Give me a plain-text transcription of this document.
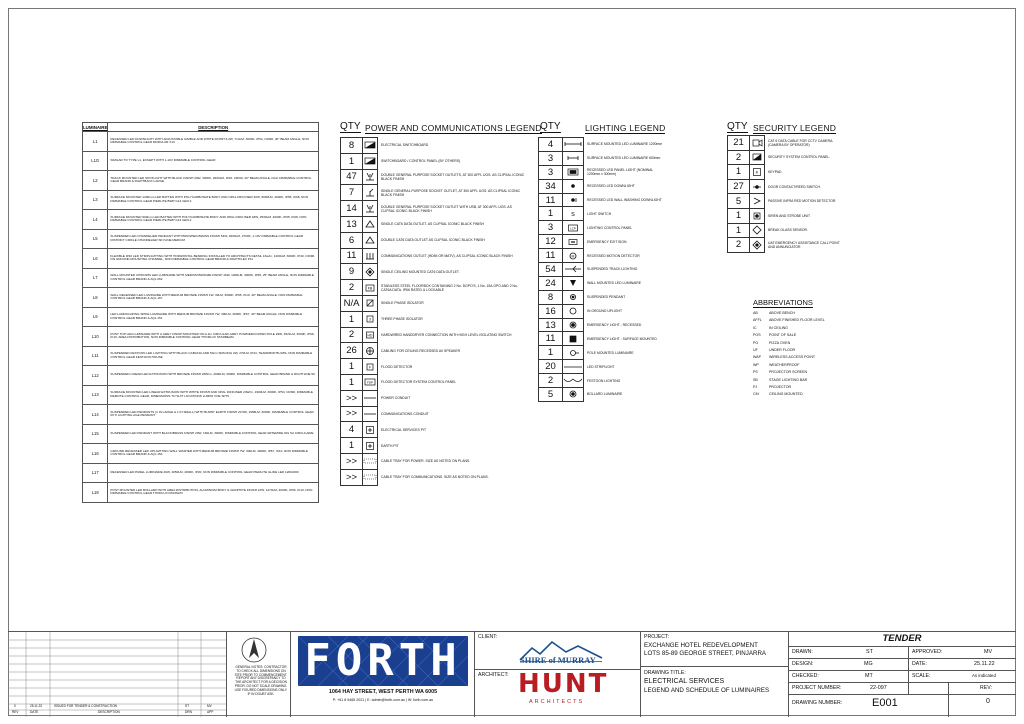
LUMINAIRE	DESCRIPTION
L1	RECESSED LED DOWNLIGHT WITH ADJUSTABLE GIMBLE AND WHITE FINISH 5.2W, 714LM, 3000K, IP54, CRI90, 40° BEAM ANGLE, NON DIMMABLE CONTROL GEAR MODULAR X13
L1G	SIMILAR TO TYPE L1, EXCEPT WITH 1-10V DIMMABLE CONTROL GEAR
L2	TRACK MOUNTED LED SPOTLIGHT WITH BLACK FINISH 20W, 3000K, 2600LM, IP20, CRI90, 40° BEAM ANGLE, DALI DIMMABLE CONTROL GEAR BRAND & RIGHTBACK LARGE
L3	SURFACE MOUNTED 1200mm LED BATTEN WITH POLYCARBONATE BODY AND OPAL DIFFUSER 40W, 5000LM, 4000K, IP65, IK08, NON DIMMABLE CONTROL GEAR PIERLITE BWP G13 GEN 2
L4	SURFACE MOUNTED 600mm LED BATTEN WITH POLYCARBONATE BODY AND OPAL DIFFUSER 18W, 2530LM, 4000K, IP65, IK08, NON DIMMABLE CONTROL GEAR PIERLITE BWP G13 GEN 2
L5	SUSPENDED LED CHANDELIER PENDANT WITH BRUSHED BRASS FINISH 54W, 4600LM, 2700K, 1-10V DIMMABLE CONTROL GEAR DISTRICT CIRCLE CHANDELIER SKYLINE MEDIUM
L6	FLEXIBLE IP40 LED STRIPLIGHTING WITH HORIZONTAL BENDING INSTALLED TO ARCHITECTS DETAIL 16w/m, 1200LM, 3000K, IP40, CRI90, ON GROUND MOUNTING CHANNEL, NON DIMMABLE CONTROL GEAR BRAND & RIGHTFLEX P11
L7	WALL MOUNTED UP/DOWN LED LUMINAIRE WITH MEDIUM BRONZE FINISH 16W, 1000LM, 3000K, IP65, 25° BEAM ANGLE, NON DIMMABLE CONTROL GEAR BRAND & AQL 062
L8	WALL RECESSED LED LUMINAIRE WITH MEDIUM BRONZE FINISH 1W, 30LM, 3000K, IP65, IK10, 40° BEAM ANGLE, NON DIMMABLE CONTROL GEAR BRAND & AQL 167
L9	LED LANDSCAPING SPIKE LUMINAIRE WITH MEDIUM BRONZE FINISH 7W, 300LM, 3000K, IP67, 40° BEAM ANGLE, NON DIMMABLE CONTROL GEAR BRAND & AQL 151
L10	POST TOP LED LUMINAIRE WITH A GREY FINISH MOUNTED ON A 4m CIRCULAR GREY POWDERCOATED POLE 29W, 3021LM, 3000K, IP66, IK10, AREA DISTRIBUTION, NON DIMMABLE CONTROL GEAR THORLUX STARBEAM
L11	SUSPENDED FESTOON LED LIGHTING WITH BLACK CABLING AND 50cm SPACING 2W, 270LM, IP44, TEARDROP BULBS, NON DIMMABLE CONTROL GEAR FESTOON HOUSE
L12	SUSPENDED LINEAR LED EXTRUSION WITH BRONZE FINISH 26W/m, 2600LM, 3000K, DIMMABLE CONTROL GEAR BRAND & RIGHTLINE 50
L13	SURFACE MOUNTED LED LINEAR EXTRUSION WITH WHITE FINISH AND OPAL DIFFUSER 24W/m, 1900LM, 3000K, IP54, CRI90, DIMMABLE REMOTE CONTROL GEAR, DIMENSIONS TO SUIT LOCATIONS LUMINI VOE SP75
L14	SUSPENDED LED PENDANTS (1 IN LARGE & 1 IN SMALL) WITH BURNT EARTH FINISH 20.5W, 1958LM, 3000K, DIMMABLE CONTROL GEAR IKITI LIGHTING AGE PENDANT
L15	SUSPENDED LED PENDANT WITH BLACK/BRASS FINISH 20W, 160LM, 3000K, DIMMABLE CONTROL GEAR ARTEMIDE 901 SA CIRCULAIRE
L16	GROUND RECESSED LED UPLIGHTING WALL WASHER WITH MEDIUM BRONZE FINISH 7W, 300LM, 4000K, IP67, IK10, NON DIMMABLE CONTROL GEAR BRAND & AQL 154
L17	RECESSED LED PANEL LUMINAIRE 40W, 4050LM, 4000K, IP20, NON DIMMABLE CONTROL GEAR PIERLITE GLIDE LED 1200x600
L18	POST MOUNTED LED BOLLARD WITH AREA DISTRIBUTION, ALUMINIUM BODY & GRAPHITE FINISH 21W, 1470LM, 4000K, IP66, IK10, NON DIMMABLE CONTROL GEAR THORLUX PASSWAY
QTY POWER AND COMMUNICATIONS LEGEND
8		ELECTRICAL SWITCHBOARD
1		SWITCHBOARD / CONTROL PANEL (BY OTHERS)
47		DOUBLE GENERAL PURPOSE SOCKET OUTLETS, AT 300 AFFL UOS. AS CLIPSAL ICONIC BLACK FINISH
7		SINGLE GENERAL PURPOSE SOCKET OUTLET, AT 300 AFFL UOS. AS CLIPSAL ICONIC BLACK FINISH
14		DOUBLE GENERAL PURPOSE SOCKET OUTLET WITH USB, AT 300 AFFL UOS. AS CLIPSAL ICONIC BLACK FINISH
13		SINGLE CAT6 DATA OUTLET. AS CLIPSAL ICONIC BLACK FINISH
6		DOUBLE CAT6 DATA OUTLET AS CLIPSAL ICONIC BLACK FINISH
11		COMMUNICATIONS OUTLET (HDMI OR MATV). AS CLIPSAL ICONIC BLACK FINISH
9		SINGLE CEILING MOUNTED CAT6 DATA OUTLET.
2	FB	STAINLESS STEEL FLOORBOX CONTAINING 2 No. DGPO'S, 1 No. 15A GPO AND 2 No. CAT6A DATA. IP66 RATED & LOCKABLE
N/A		SINGLE PHASE ISOLATOR
1	3	THREE PHASE ISOLATOR
2	HD	HARDWIRED HANDDRYER CONNECTION WITH HIGH LEVEL ISOLATING SWITCH
26		CABLING FOR CEILING RECESSED AV SPEAKER
1	F	FLOOD DETECTOR
1	FDP	FLOOD DETECTOR SYSTEM CONTROL PANEL
>>		POWER CONDUIT
>>		COMMUNICATIONS CONDUIT
4		ELECTRICAL SERVICES PIT
1		EARTH PIT
>>		CABLE TRAY FOR POWER. SIZE AS NOTED ON PLANS.
>>		CABLE TRAY FOR COMMUNICATIONS. SIZE AS NOTED ON PLANS.
QTY	LIGHTING LEGEND
4		SURFACE MOUNTED LED LUMINAIRE 1200mm
3		SURFACE MOUNTED LED LUMINAIRE 600mm
3		RECESSED LED PANEL LIGHT (NOMINAL 1200mm x 300mm)
34		RECESSED LED DOWNLIGHT
11		RECESSED LED WALL WASHING DOWNLIGHT
1	S	LIGHT SWITCH
3	LCP	LIGHTING CONTROL PANEL
12		EMERGENCY EXIT SIGN
11	M	RECESSED MOTION DETECTOR
54		SUSPENDED TRACK LIGHTING
24		WALL MOUNTED LED LUMINAIRE
8		SUSPENDED PENDANT
16		IN GROUND UPLIGHT
13		EMERGENCY LIGHT - RECESSED
11		EMERGENCY LIGHT - SURFACE MOUNTED
1		POLE MOUNTED LUMINAIRE
20		LED STRIPLIGHT
2		FESTOON LIGHTING
5		BOLLARD LUMINAIRE
QTY SECURITY LEGEND
21		CAT 6 DATA CABLE FOR CCTV CAMERA. (CAMERA BY OPERATOR)
2		SECURITY SYSTEM CONTROL PANEL.
1	K	KEYPAD
27		DOOR CONTACT/REED SWITCH.
5		PASSIVE INFRA RED MOTION DETECTOR.
1		SIREN AND STROBE UNIT
1		BREAK GLASS SENSOR.
2		UAT EMERGENCY ASSISTANCE CALL POINT AND ANNUNCIATOR
ABBREVIATIONS
AB	ABOVE BENCH
AFFL	ABOVE FINISHED FLOOR LEVEL
IC	IN CEILING
POS	POINT OF SALE
PO	PIZZA OVEN
UF	UNDER FLOOR
WAP	WIRELESS ACCESS POINT
WP	WEATHERPROOF
PS	PROJECTOR SCREEN
SB	STAGE LIGHTING BAR
PJ	PROJECTOR
CM	CEILING MOUNTED
0	25.11.22	ISSUED FOR TENDER & CONSTRUCTION	ST	MV
REV	DATE	DESCRIPTION	DRN	APP
GENERAL NOTES: CONTRACTOR TO CHECK ALL DIMENSIONS ON SITE PRIOR TO COMMENCEMENT. REPORT ANY DISCREPANCY TO THE ARCHITECT FOR A DECISION PRIOR. DO NOT SCALE DRAWING. USE FIGURED DIMENSIONS ONLY. IF IN DOUBT ASK.
FORTH
1064 HAY STREET, WEST PERTH WA 6005
P: +61 8 9465 2021 | E: admin@forth.com.au | W: forth.com.au
CLIENT:
SHIRE of MURRAY
ARCHITECT: HUNT
ARCHITECTS
PROJECT:
EXCHANGE HOTEL REDEVELOPMENT
LOTS 85-89 GEORGE STREET, PINJARRA
DRAWING TITLE:
ELECTRICAL SERVICES
LEGEND AND SCHEDULE OF LUMINAIRES
TENDER
DRAWN:	ST	APPROVED:	MV
DESIGN:	MG	DATE:	25.11.22
CHECKED:	MT	SCALE:	As indicated
PROJECT NUMBER:	22-097	REV:
DRAWING NUMBER:	E001	0
